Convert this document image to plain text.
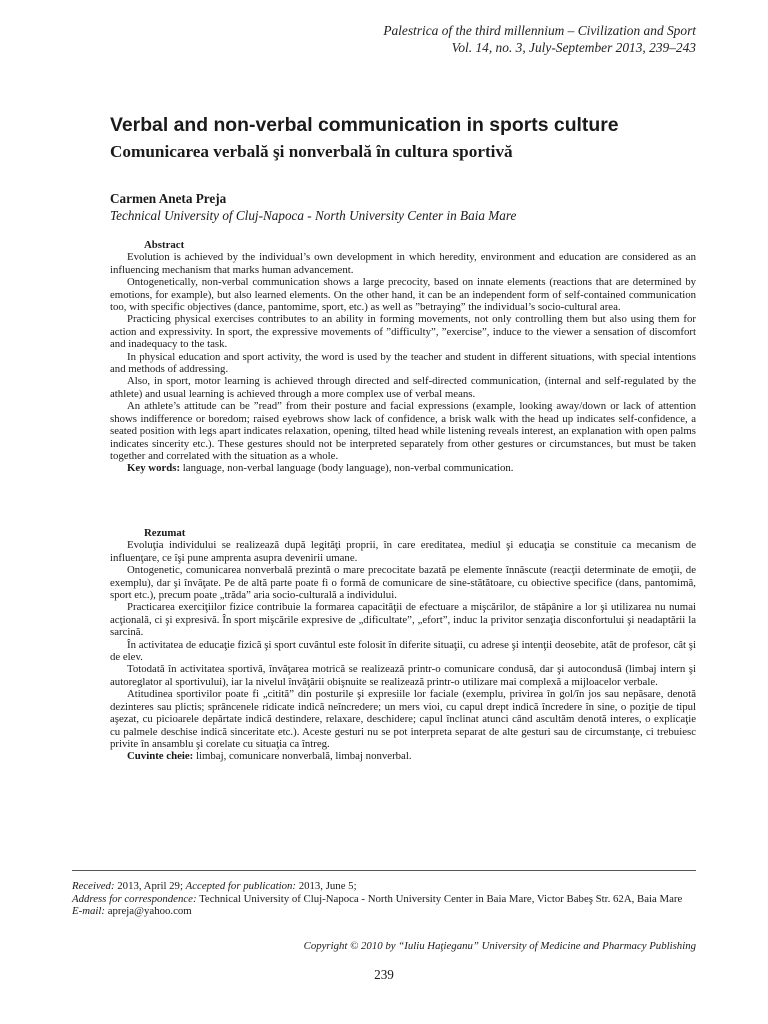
Palestrica of the third millennium – Civilization and Sport
Vol. 14, no. 3, July-September 2013, 239–243
Verbal and non-verbal communication in sports culture
Comunicarea verbală şi nonverbală în cultura sportivă
Carmen Aneta Preja
Technical University of Cluj-Napoca - North University Center in Baia Mare

Abstract

Evolution is achieved by the individual’s own development in which heredity, environment and education are considered as an influencing mechanism that marks human advancement.

Ontogenetically, non-verbal communication shows a large precocity, based on innate elements (reactions that are determined by emotions, for example), but also learned elements. On the other hand, it can be an independent form of self-contained communication too, with specific objectives (dance, pantomime, sport, etc.) as well as ”betraying” the individual’s socio-cultural area.

Practicing physical exercises contributes to an ability in forming movements, not only controlling them but also using them for action and expressivity. In sport, the expressive movements of ”difficulty”, ”exercise”, induce to the viewer a sensation of discomfort and inadequacy to the task.

In physical education and sport activity, the word is used by the teacher and student in different situations, with special intentions and methods of addressing.

Also, in sport, motor learning is achieved through directed and self-directed communication, (internal and self-regulated by the athlete) and usual learning is achieved through a more complex use of verbal means.

An athlete’s attitude can be ”read” from their posture and facial expressions (example, looking away/down or lack of attention shows indifference or boredom; raised eyebrows show lack of confidence, a brisk walk with the head up indicates self-confidence, a seated position with legs apart indicates relaxation, opening, tilted head while listening reveals interest, an explanation with open palms indicates sincerity etc.). These gestures should not be interpreted separately from other gestures or circumstances, but must be taken together and correlated with the situation as a whole.

Key words: language, non-verbal language (body language), non-verbal communication.

Rezumat

Evoluţia individului se realizează după legităţi proprii, în care ereditatea, mediul şi educaţia se constituie ca mecanism de influenţare, ce îşi pune amprenta asupra devenirii umane.

Ontogenetic, comunicarea nonverbală prezintă o mare precocitate bazată pe elemente înnăscute (reacţii determinate de emoţii, de exemplu), dar şi învăţate. Pe de altă parte poate fi o formă de comunicare de sine-stătătoare, cu obiective specifice (dans, pantomimă, sport etc.), precum poate „trăda” aria socio-culturală a individului.

Practicarea exerciţiilor fizice contribuie la formarea capacităţii de efectuare a mişcărilor, de stăpânire a lor şi utilizarea nu numai acţională, ci şi expresivă. În sport mişcările expresive de „dificultate”, „efort”, induc la privitor senzaţia disconfortului şi neadaptării la sarcină.

În activitatea de educaţie fizică şi sport cuvântul este folosit în diferite situaţii, cu adrese şi intenţii deosebite, atât de profesor, cât şi de elev.

Totodată în activitatea sportivă, învăţarea motrică se realizează printr-o comunicare condusă, dar şi autocondusă (limbaj intern şi autoreglator al sportivului), iar la nivelul învăţării obişnuite se realizează printr-o utilizare mai complexă a mijloacelor verbale.

Atitudinea sportivilor poate fi „citită” din posturile şi expresiile lor faciale (exemplu, privirea în gol/în jos sau nepăsare, denotă dezinteres sau plictis; sprâncenele ridicate indică neîncredere; un mers vioi, cu capul drept indică încredere în sine, o poziţie de tipul aşezat, cu picioarele depărtate indică destindere, relaxare, deschidere; capul înclinat atunci când ascultăm denotă interes, o explicaţie cu palmele deschise indică sinceritate etc.). Aceste gesturi nu se pot interpreta separat de alte gesturi sau de circumstanţe, ci trebuiesc privite în ansamblu şi corelate cu situaţia ca întreg.

Cuvinte cheie: limbaj, comunicare nonverbală, limbaj nonverbal.

Received: 2013, April 29; Accepted for publication: 2013, June 5;

Address for correspondence: Technical University of Cluj-Napoca - North University Center in Baia Mare, Victor Babeş Str. 62A, Baia Mare

E-mail: apreja@yahoo.com

Copyright © 2010 by “Iuliu Haţieganu” University of Medicine and Pharmacy Publishing
239
